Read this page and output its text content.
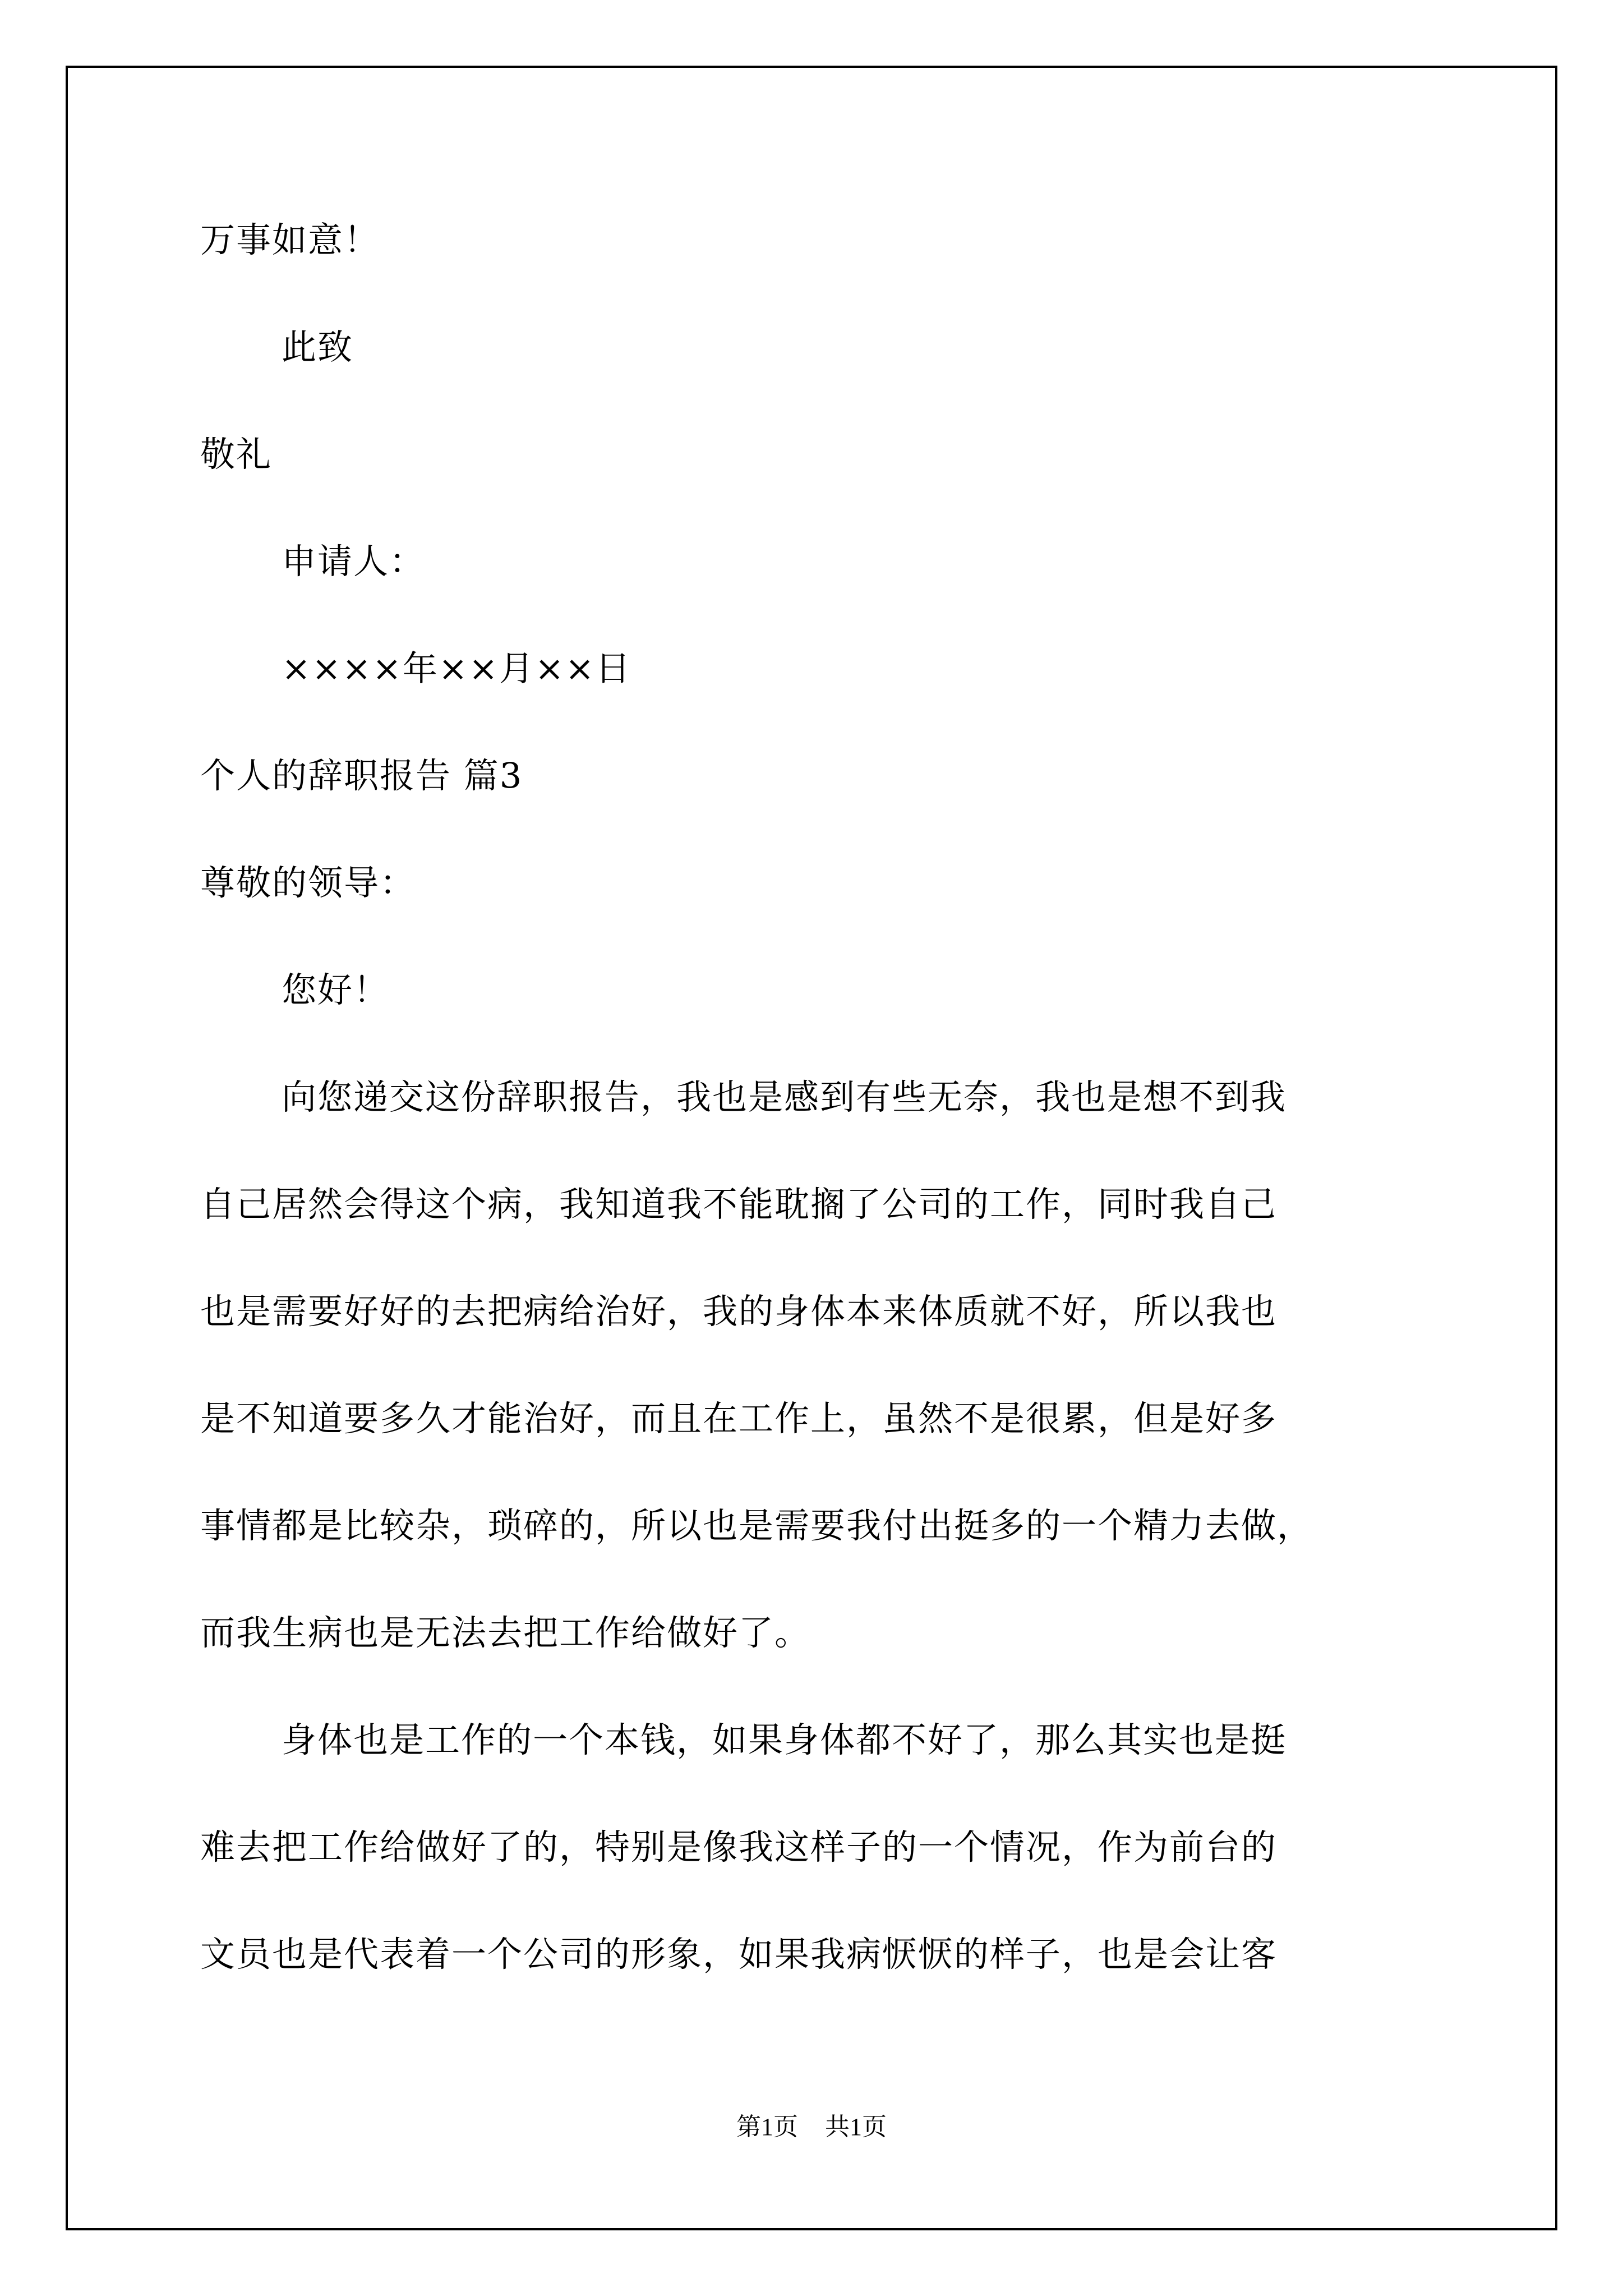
万事如意！

此致

敬礼

申请人：

××××年××月××日

个人的辞职报告 篇3

尊敬的领导：

您好！

向您递交这份辞职报告，我也是感到有些无奈，我也是想不到我

自己居然会得这个病，我知道我不能耽搁了公司的工作，同时我自己

也是需要好好的去把病给治好，我的身体本来体质就不好，所以我也

是不知道要多久才能治好，而且在工作上，虽然不是很累，但是好多

事情都是比较杂，琐碎的，所以也是需要我付出挺多的一个精力去做，

而我生病也是无法去把工作给做好了。

身体也是工作的一个本钱，如果身体都不好了，那么其实也是挺

难去把工作给做好了的，特别是像我这样子的一个情况，作为前台的

文员也是代表着一个公司的形象，如果我病恹恹的样子，也是会让客

第1页 共1页
